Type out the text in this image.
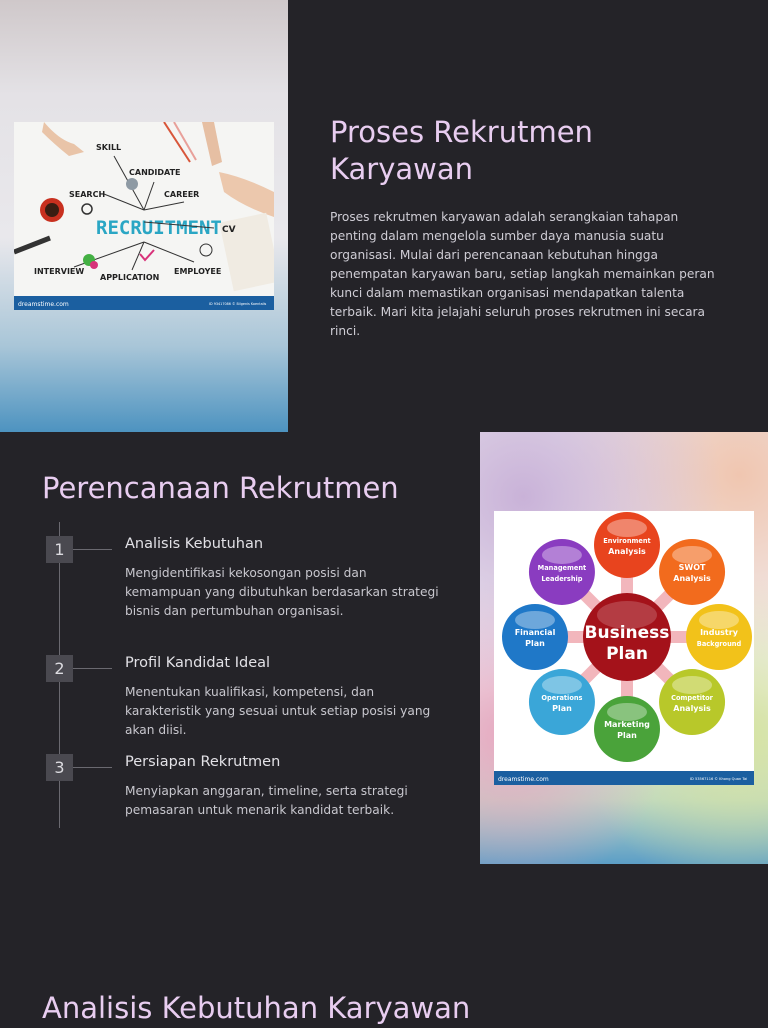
SKILL
CANDIDATE
SEARCH	CAREER
RECRUITMENT CV
INTERVIEW
APPLICATION
EMPLOYEE
dreamstime.com	ID 93417086 © Bilgenis Koentalis
Proses Rekrutmen Karyawan

Proses rekrutmen karyawan adalah serangkaian tahapan penting dalam mengelola sumber daya manusia suatu organisasi. Mulai dari perencanaan kebutuhan hingga penempatan karyawan baru, setiap langkah memainkan peran kunci dalam memastikan organisasi mendapatkan talenta terbaik. Mari kita jelajahi seluruh proses rekrutmen ini secara rinci.

Perencanaan Rekrutmen
1	Analisis Kebutuhan

Mengidentifikasi kekosongan posisi dan kemampuan yang dibutuhkan berdasarkan strategi bisnis dan pertumbuhan organisasi.

2	Profil Kandidat Ideal

Menentukan kualifikasi, kompetensi, dan karakteristik yang sesuai untuk setiap posisi yang akan diisi.

3	Persiapan Rekrutmen

Menyiapkan anggaran, timeline, serta strategi pemasaran untuk menarik kandidat terbaik.

Environment
Analysis
SWOT
Analysis
Industry
Background
Competitor
Analysis
Marketing
Plan
Operations
Plan
Financial
Plan
Management
Leadership
Business
Plan
dreamstime.com	ID 53567116 © Khong Quan Tai
Analisis Kebutuhan Karyawan
